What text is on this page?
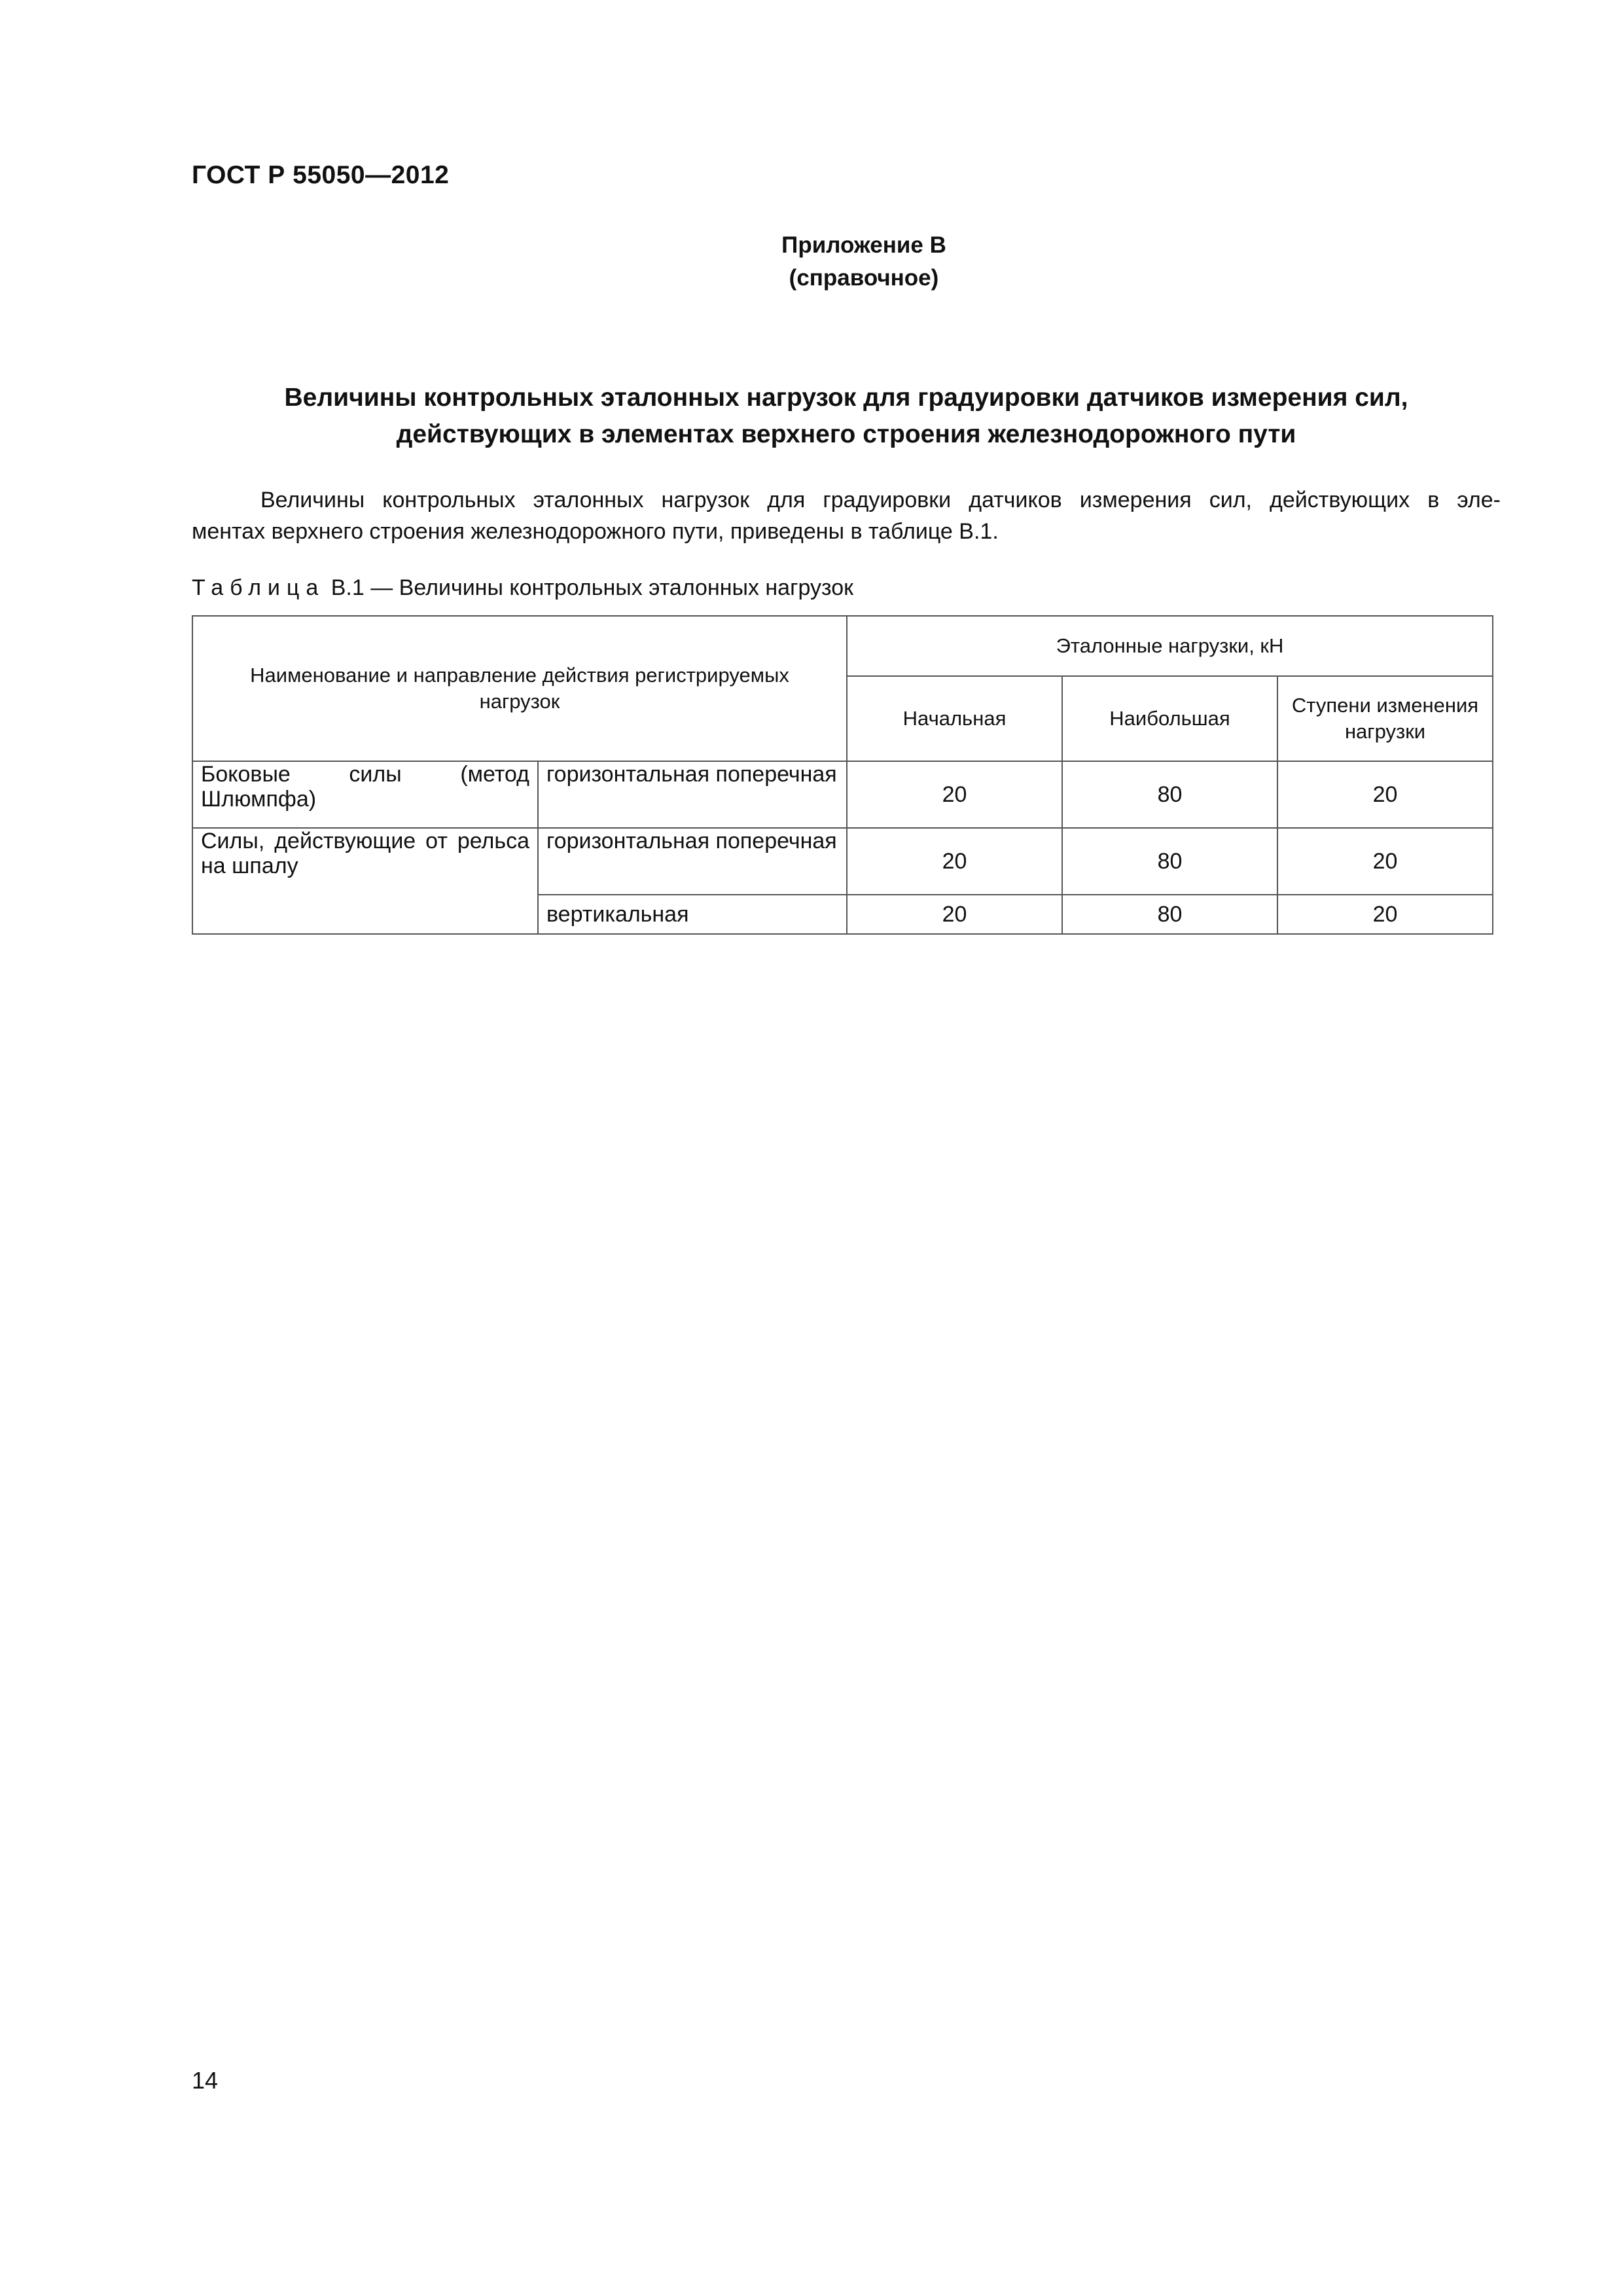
ГОСТ Р 55050—2012
Приложение В
(справочное)
Величины контрольных эталонных нагрузок для градуировки датчиков измерения сил,
действующих в элементах верхнего строения железнодорожного пути
Величины контрольных эталонных нагрузок для градуировки датчиков измерения сил, действующих в эле-
ментах верхнего строения железнодорожного пути, приведены в таблице В.1.
Таблица В.1 — Величины контрольных эталонных нагрузок
Наименование и направление действия регистрируемых нагрузок		Эталонные нагрузки, кН		
		Начальная	Наибольшая	Ступени изменения нагрузки
Боковые силы (метод Шлюмпфа)	горизонтальная поперечная	20	80	20
Силы, действующие от рельса на шпалу	горизонтальная поперечная	20	80	20
	вертикальная	20	80	20
14
